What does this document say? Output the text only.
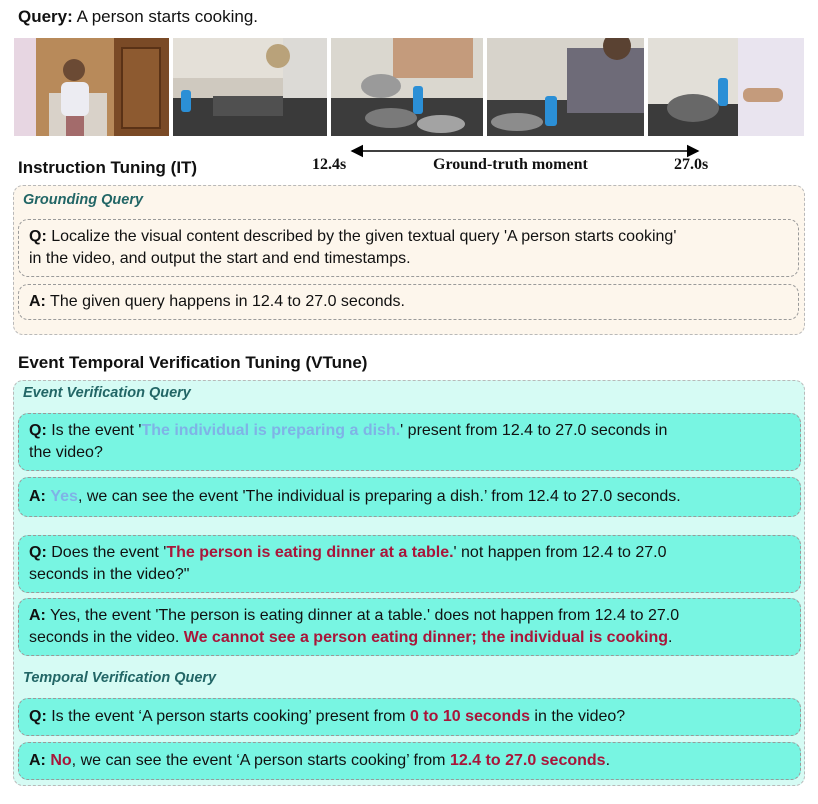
Query: A person starts cooking.
Instruction Tuning (IT)	12.4s	Ground-truth moment	27.0s
Grounding Query
Q: Localize the visual content described by the given textual query 'A person starts cooking'
in the video, and output the start and end timestamps.
A: The given query happens in 12.4 to 27.0 seconds.
Event Temporal Verification Tuning (VTune)
Event Verification Query
Q: Is the event 'The individual is preparing a dish.' present from 12.4 to 27.0 seconds in
the video?
A: Yes, we can see the event 'The individual is preparing a dish.’ from 12.4 to 27.0 seconds.
Q: Does the event 'The person is eating dinner at a table.' not happen from 12.4 to 27.0
seconds in the video?"
A: Yes, the event 'The person is eating dinner at a table.' does not happen from 12.4 to 27.0
seconds in the video. We cannot see a person eating dinner; the individual is cooking.
Temporal Verification Query
Q: Is the event ‘A person starts cooking’ present from 0 to 10 seconds in the video?
A: No, we can see the event ‘A person starts cooking’ from 12.4 to 27.0 seconds.
